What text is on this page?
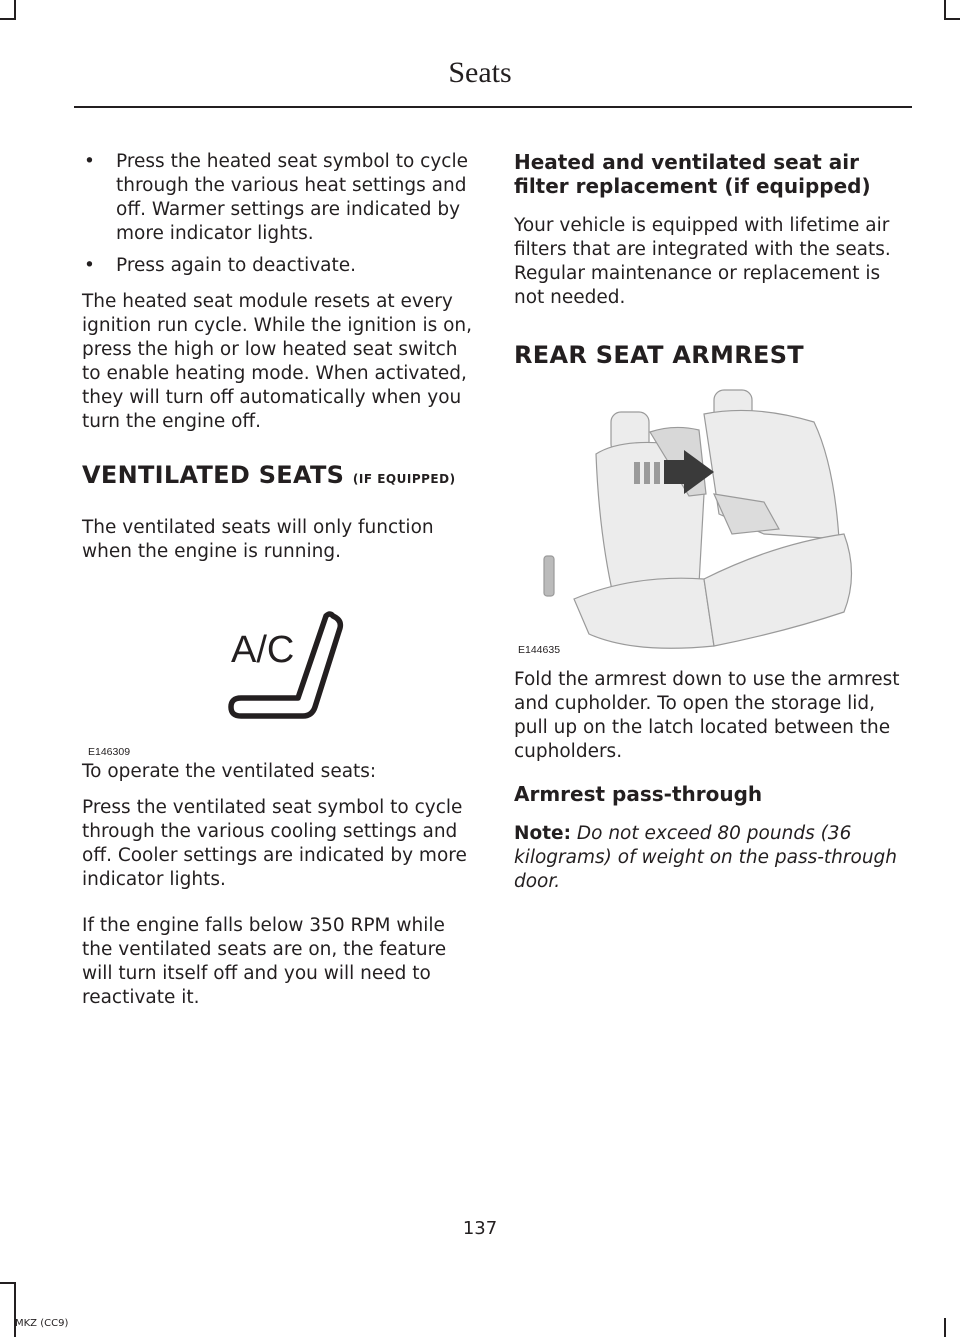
Seats
• Press the heated seat symbol to cycle through the various heat settings and off. Warmer settings are indicated by more indicator lights.
• Press again to deactivate.

The heated seat module resets at every ignition run cycle. While the ignition is on, press the high or low heated seat switch to enable heating mode. When activated, they will turn off automatically when you turn the engine off.

VENTILATED SEATS (IF EQUIPPED)

The ventilated seats will only function when the engine is running.

A/C
E146309

To operate the ventilated seats:

Press the ventilated seat symbol to cycle through the various cooling settings and off. Cooler settings are indicated by more indicator lights.

If the engine falls below 350 RPM while the ventilated seats are on, the feature will turn itself off and you will need to reactivate it.

Heated and ventilated seat air filter replacement (if equipped)

Your vehicle is equipped with lifetime air filters that are integrated with the seats. Regular maintenance or replacement is not needed.

REAR SEAT ARMREST
E144635

Fold the armrest down to use the armrest and cupholder. To open the storage lid, pull up on the latch located between the cupholders.

Armrest pass-through

Note: Do not exceed 80 pounds (36 kilograms) of weight on the pass-through door.

137
MKZ (CC9)
